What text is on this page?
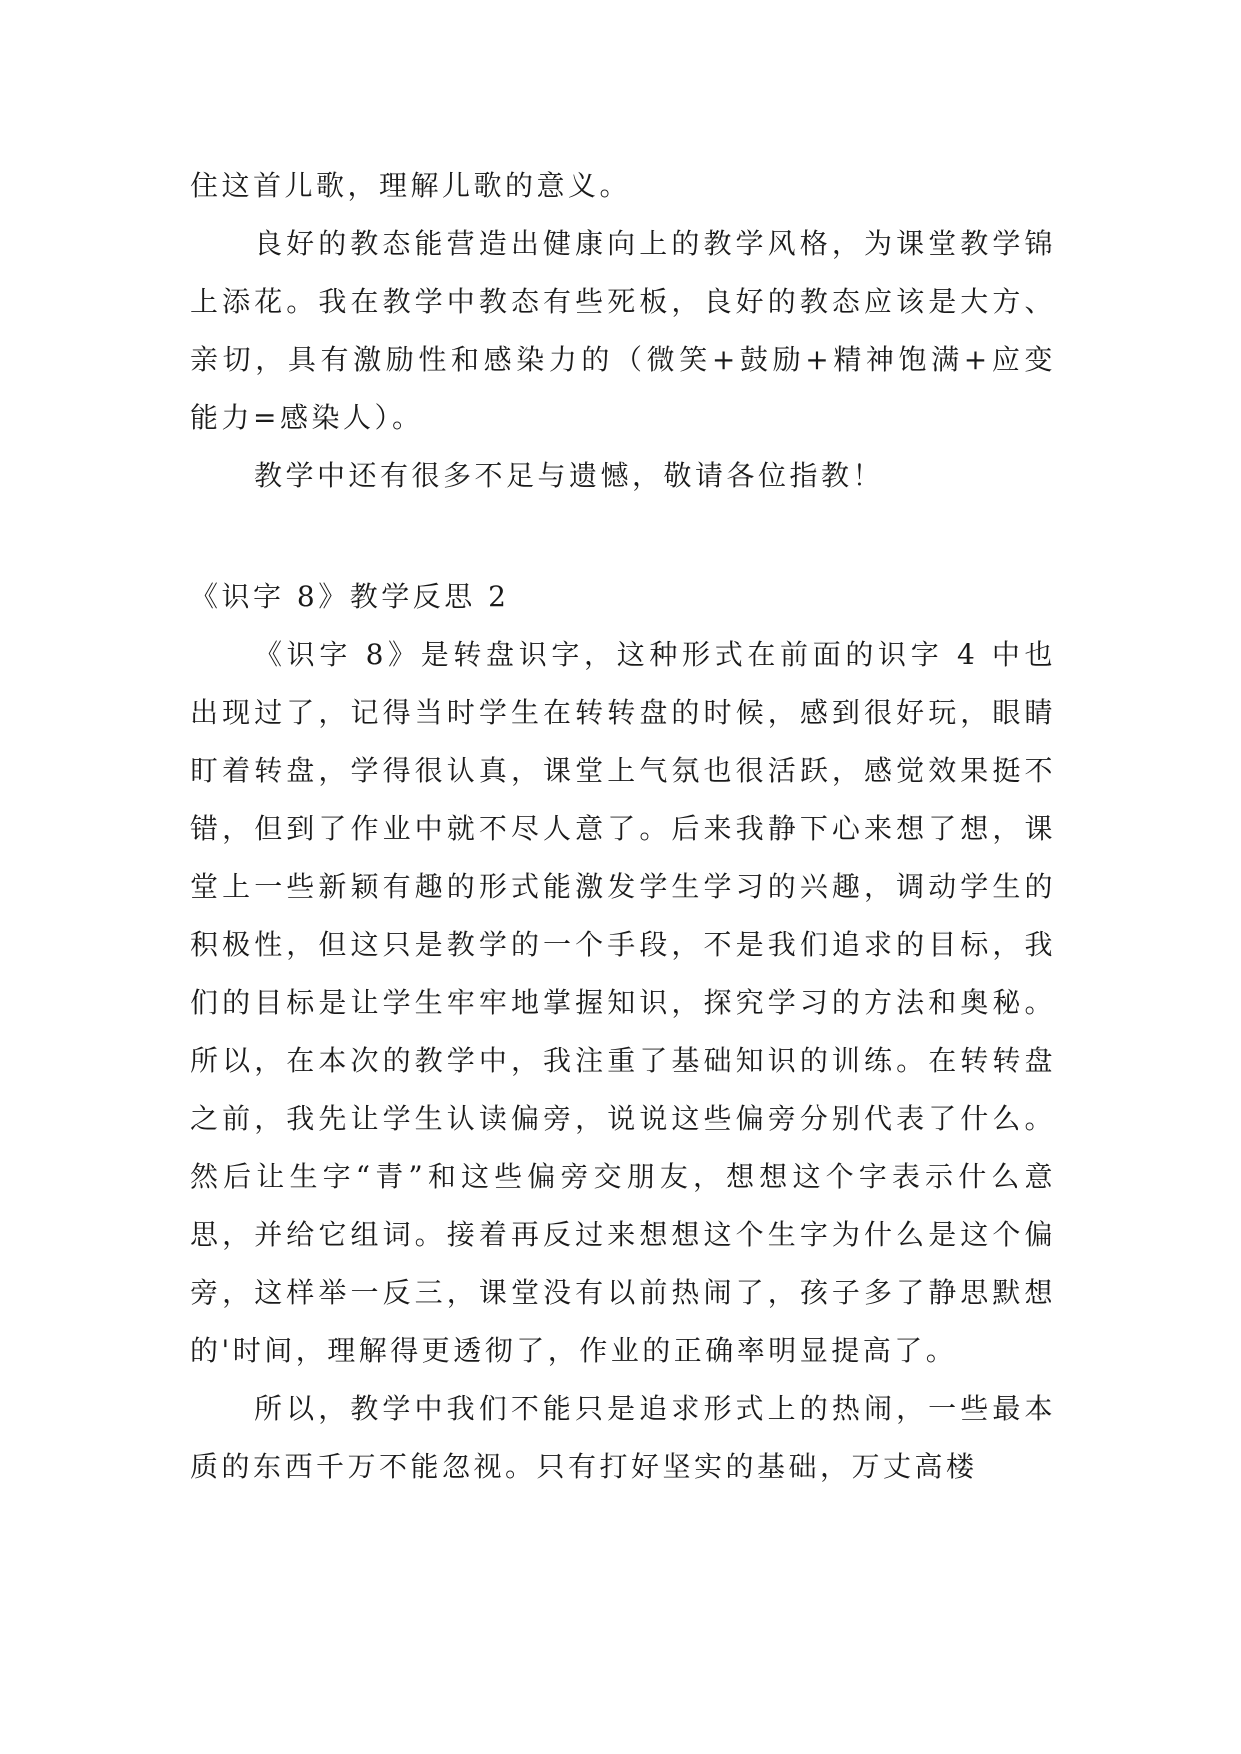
住这首儿歌，理解儿歌的意义。

良好的教态能营造出健康向上的教学风格，为课堂教学锦上添花。我在教学中教态有些死板，良好的教态应该是大方、亲切，具有激励性和感染力的（微笑+鼓励+精神饱满+应变能力=感染人）。

教学中还有很多不足与遗憾，敬请各位指教！

《识字 8》教学反思 2

《识字 8》是转盘识字，这种形式在前面的识字 4 中也出现过了，记得当时学生在转转盘的时候，感到很好玩，眼睛盯着转盘，学得很认真，课堂上气氛也很活跃，感觉效果挺不错，但到了作业中就不尽人意了。后来我静下心来想了想，课堂上一些新颖有趣的形式能激发学生学习的兴趣，调动学生的积极性，但这只是教学的一个手段，不是我们追求的目标，我们的目标是让学生牢牢地掌握知识，探究学习的方法和奥秘。所以，在本次的教学中，我注重了基础知识的训练。在转转盘之前，我先让学生认读偏旁，说说这些偏旁分别代表了什么。然后让生字“青”和这些偏旁交朋友，想想这个字表示什么意思，并给它组词。接着再反过来想想这个生字为什么是这个偏旁，这样举一反三，课堂没有以前热闹了，孩子多了静思默想的'时间，理解得更透彻了，作业的正确率明显提高了。

所以，教学中我们不能只是追求形式上的热闹，一些最本质的东西千万不能忽视。只有打好坚实的基础，万丈高楼
